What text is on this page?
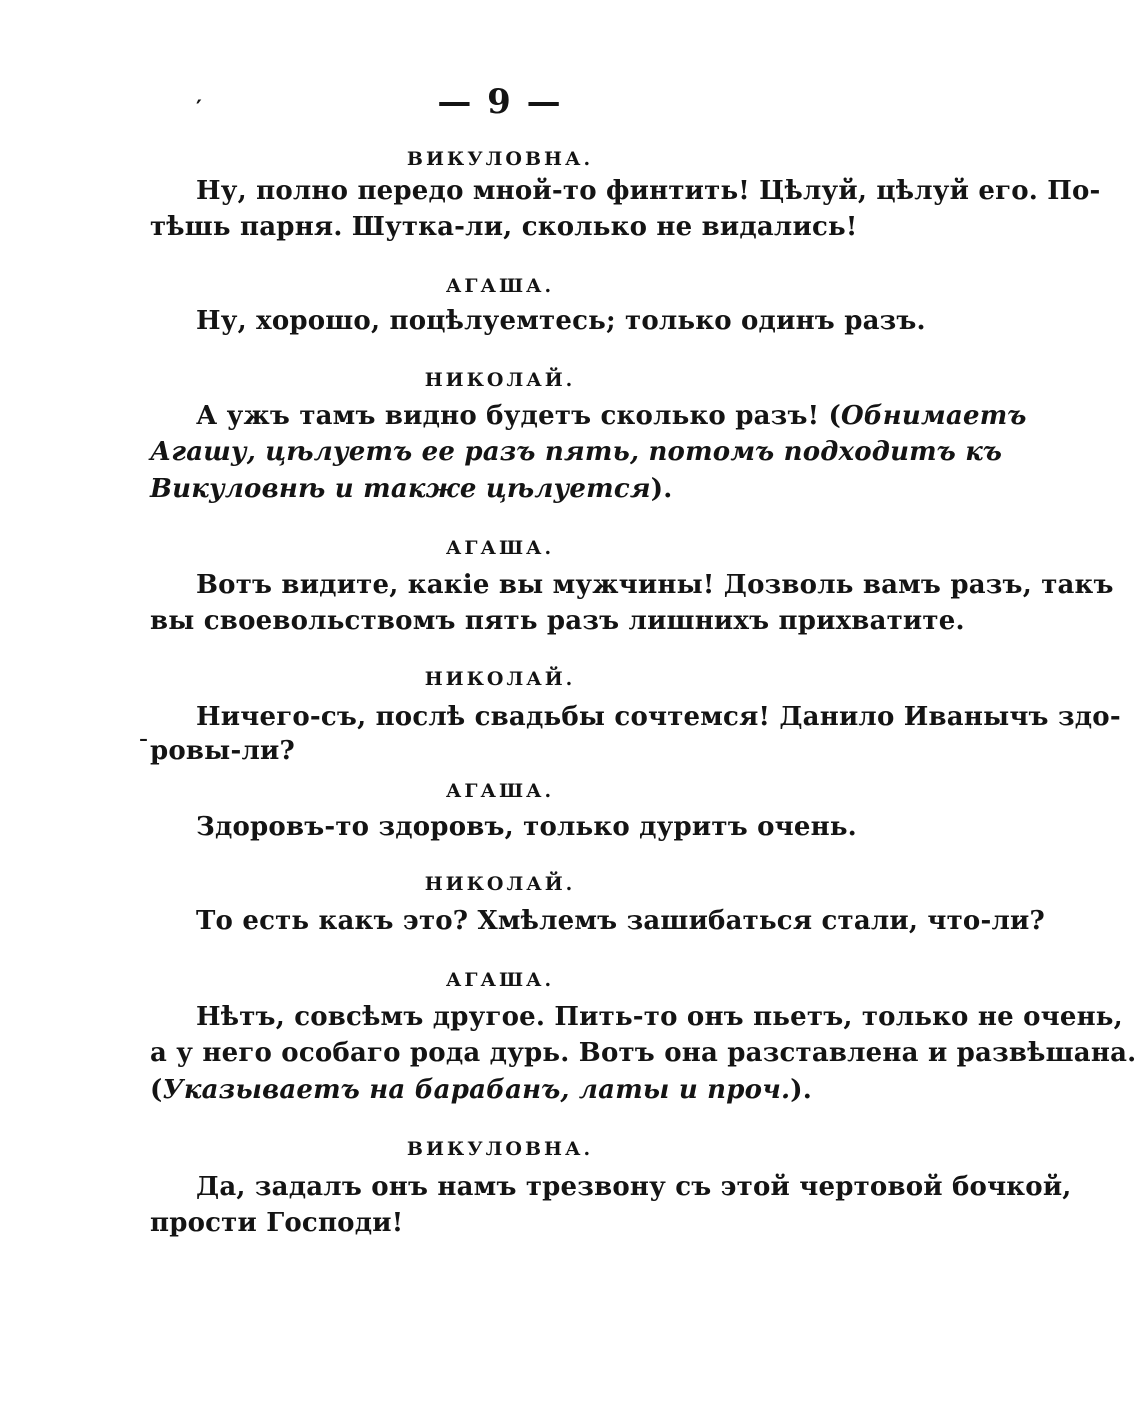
′	— 9 —
ВИКУЛОВНА.
Ну, полно передо мной-то финтить! Цѣлуй, цѣлуй его. По-
тѣшь парня. Шутка-ли, сколько не видались!
АГАША.
Ну, хорошо, поцѣлуемтесь; только одинъ разъ.
НИКОЛАЙ.
А ужъ тамъ видно будетъ сколько разъ! (Обнимаетъ
Агашу, цѣлуетъ ее разъ пять, потомъ подходитъ къ
Викуловнѣ и также цѣлуется).
АГАША.
Вотъ видите, какіе вы мужчины! Дозволь вамъ разъ, такъ
вы своевольствомъ пять разъ лишнихъ прихватите.
НИКОЛАЙ.
Ничего-съ, послѣ свадьбы сочтемся! Данило Иванычъ здо-
ˉ ровы-ли?
АГАША.
Здоровъ-то здоровъ, только дуритъ очень.
НИКОЛАЙ.
То есть какъ это? Хмѣлемъ зашибаться стали, что-ли?
АГАША.
Нѣтъ, совсѣмъ другое. Пить-то онъ пьетъ, только не очень,
а у него особаго рода дурь. Вотъ она разставлена и развѣшана.
(Указываетъ на барабанъ, латы и проч.).
ВИКУЛОВНА.
Да, задалъ онъ намъ трезвону съ этой чертовой бочкой,
прости Господи!
